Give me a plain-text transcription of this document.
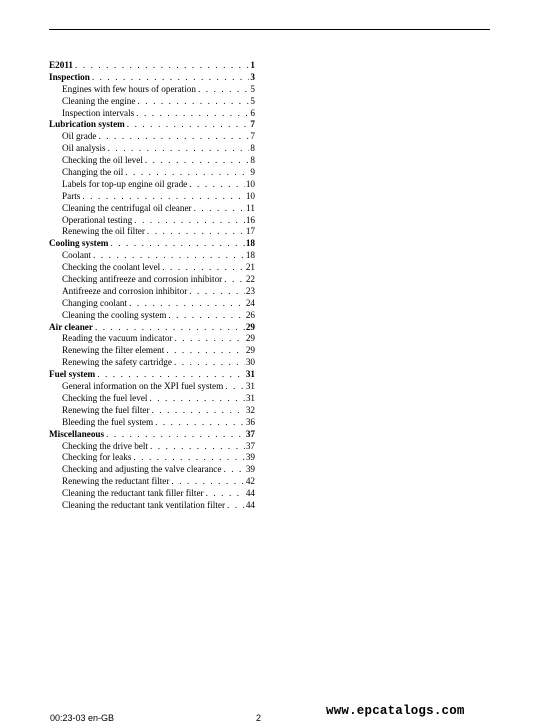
E2011 . . .	1
Inspection . . .	3
Engines with few hours of operation . . .	5
Cleaning the engine . . .	5
Inspection intervals . . .	6
Lubrication system . . .	7
Oil grade . . .	7
Oil analysis . . .	8
Checking the oil level . . .	8
Changing the oil . . .	9
Labels for top-up engine oil grade . . .	10
Parts . . .	10
Cleaning the centrifugal oil cleaner . . .	11
Operational testing . . .	16
Renewing the oil filter . . .	17
Cooling system . . .	18
Coolant . . .	18
Checking the coolant level . . .	21
Checking antifreeze and corrosion inhibitor . . .	22
Antifreeze and corrosion inhibitor . . .	23
Changing coolant . . .	24
Cleaning the cooling system . . .	26
Air cleaner . . .	29
Reading the vacuum indicator . . .	29
Renewing the filter element . . .	29
Renewing the safety cartridge . . .	30
Fuel system . . .	31
General information on the XPI fuel system . . . 31
Checking the fuel level . . .	31
Renewing the fuel filter . . .	32
Bleeding the fuel system . . .	36
Miscellaneous . . .	37
Checking the drive belt . . .	37
Checking for leaks . . .	39
Checking and adjusting the valve clearance . . .	39
Renewing the reductant filter . . .	42
Cleaning the reductant tank filler filter . . .	44
Cleaning the reductant tank ventilation filter . . . 44
00:23-03 en-GB	2	www.epcatalogs.com
